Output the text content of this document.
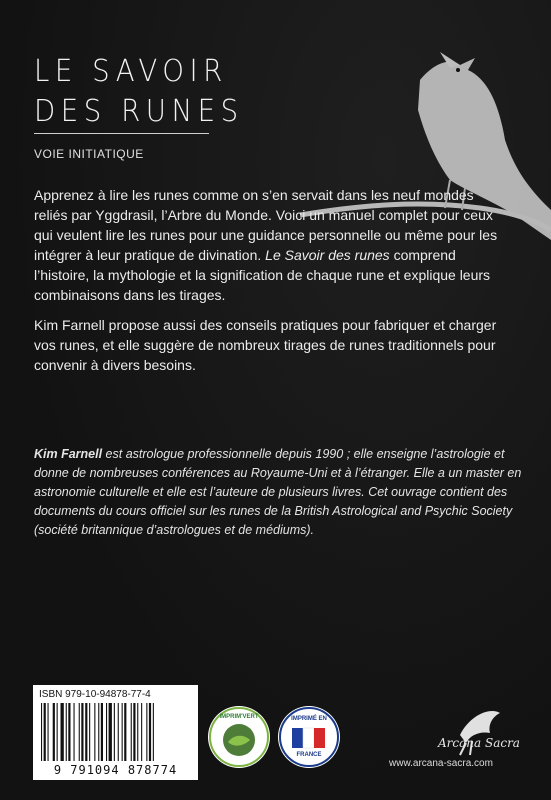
LE SAVOIR
DES RUNES
VOIE INITIATIQUE

Apprenez à lire les runes comme on s’en servait dans les neuf mondes reliés par Yggdrasil, l’Arbre du Monde. Voici un manuel complet pour ceux qui veulent lire les runes pour une guidance personnelle ou même pour les intégrer à leur pratique de divination. Le Savoir des runes comprend l’histoire, la mythologie et la signification de chaque rune et explique leurs combinaisons dans les tirages.

Kim Farnell propose aussi des conseils pratiques pour fabriquer et charger vos runes, et elle suggère de nombreux tirages de runes traditionnels pour convenir à divers besoins.

Kim Farnell est astrologue professionnelle depuis 1990 ; elle enseigne l’astrologie et donne de nombreuses conférences au Royaume-Uni et à l’étranger. Elle a un master en astronomie culturelle et elle est l’auteure de plusieurs livres. Cet ouvrage contient des documents du cours officiel sur les runes de la British Astrological and Psychic Society (société britannique d’astrologues et de médiums).
ISBN 979-10-94878-77-4
9 791094 878774
IMPRIM'VERT	IMPRIMÉ EN
FRANCE
Arcana Sacra
www.arcana-sacra.com
